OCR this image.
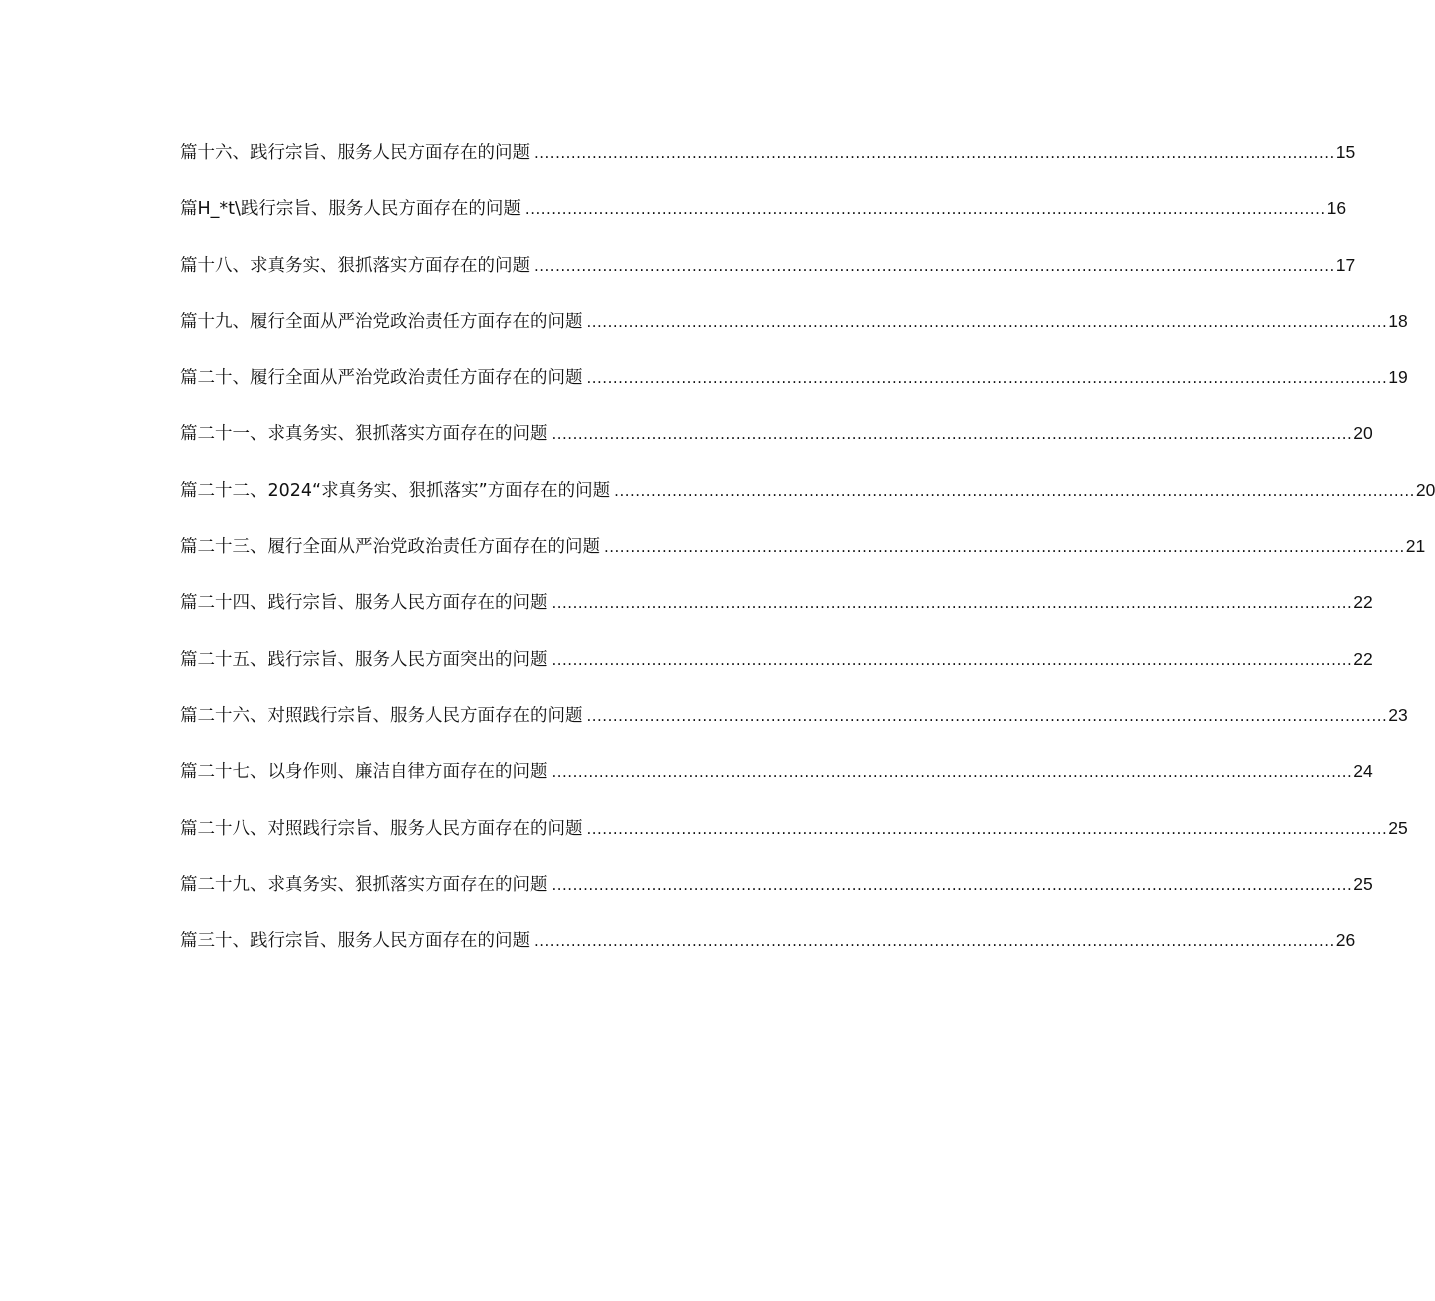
篇十六、践行宗旨、服务人民方面存在的问题 .....	15
篇H_*t\践行宗旨、服务人民方面存在的问题 .....	16
篇十八、求真务实、狠抓落实方面存在的问题 .....	17
篇十九、履行全面从严治党政治责任方面存在的问题 .....	18
篇二十、履行全面从严治党政治责任方面存在的问题 .....	19
篇二十一、求真务实、狠抓落实方面存在的问题 .....	20
篇二十二、2024“求真务实、狠抓落实”方面存在的问题 .....	20
篇二十三、履行全面从严治党政治责任方面存在的问题 .....	21
篇二十四、践行宗旨、服务人民方面存在的问题 .....	22
篇二十五、践行宗旨、服务人民方面突出的问题 .....	22
篇二十六、对照践行宗旨、服务人民方面存在的问题 .....	23
篇二十七、以身作则、廉洁自律方面存在的问题 .....	24
篇二十八、对照践行宗旨、服务人民方面存在的问题 .....	25
篇二十九、求真务实、狠抓落实方面存在的问题 .....	25
篇三十、践行宗旨、服务人民方面存在的问题 .....	26
